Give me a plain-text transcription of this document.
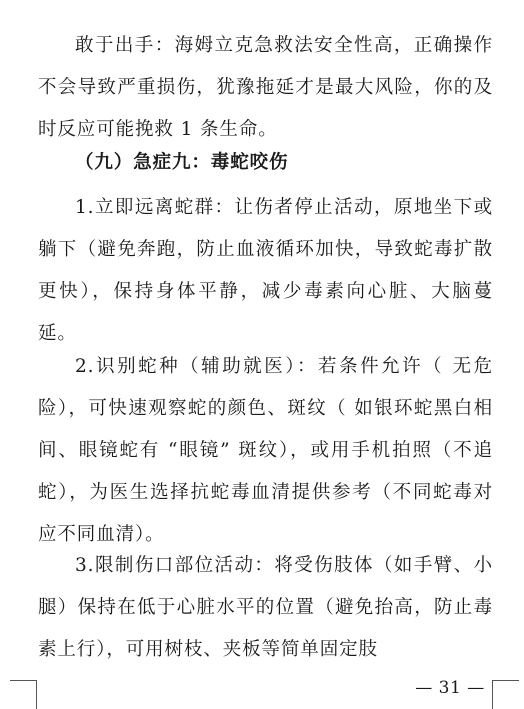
敢于出手：海姆立克急救法安全性高，正确操作不会导致严重损伤，犹豫拖延才是最大风险，你的及时反应可能挽救 1 条生命。

（九）急症九：毒蛇咬伤

1.立即远离蛇群：让伤者停止活动，原地坐下或躺下（避免奔跑，防止血液循环加快，导致蛇毒扩散更快），保持身体平静，减少毒素向心脏、大脑蔓延。

2.识别蛇种（辅助就医）：若条件允许（ 无危险），可快速观察蛇的颜色、斑纹（ 如银环蛇黑白相间、眼镜蛇有 “眼镜” 斑纹），或用手机拍照（不追蛇），为医生选择抗蛇毒血清提供参考（不同蛇毒对应不同血清）。

3.限制伤口部位活动：将受伤肢体（如手臂、小腿）保持在低于心脏水平的位置（避免抬高，防止毒素上行），可用树枝、夹板等简单固定肢

— 31 —
